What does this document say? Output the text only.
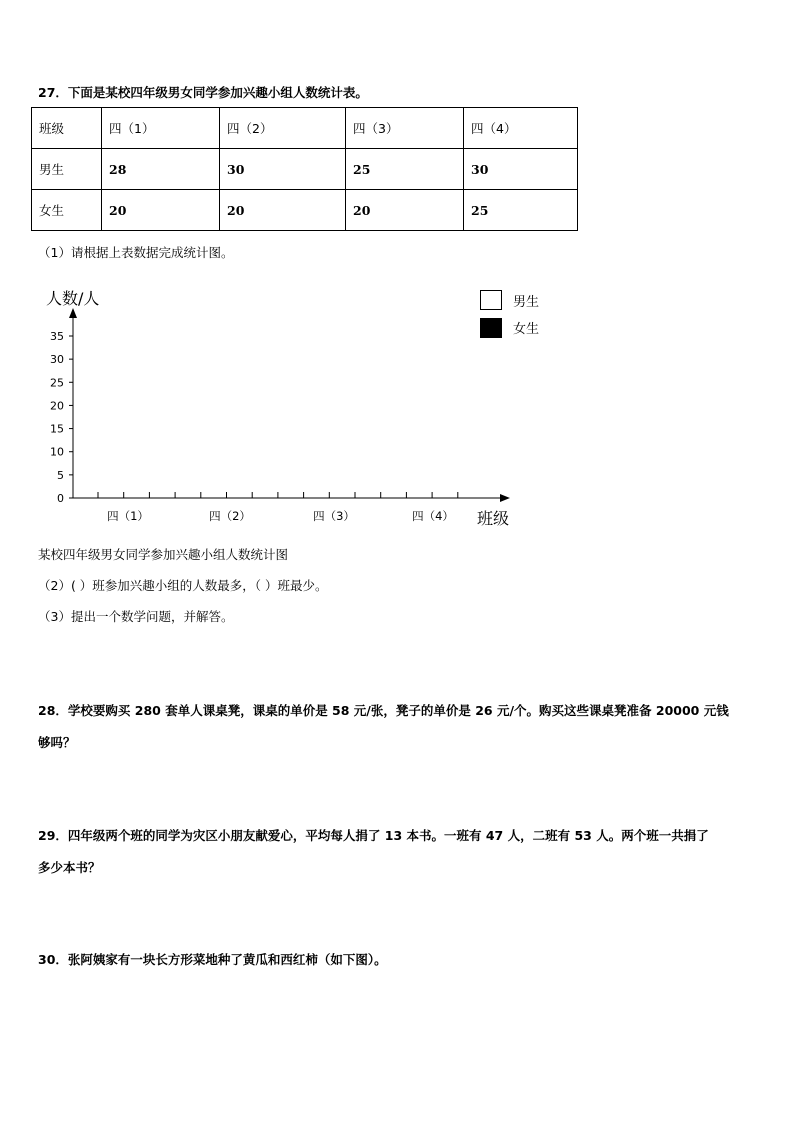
27．下面是某校四年级男女同学参加兴趣小组人数统计表。
班级	四（1）	四（2）	四（3）	四（4）
男生	28	30	25	30
女生	20	20	20	25
（1）请根据上表数据完成统计图。
人数/人
0
5
10
15
20
25
30
35
四（1）	四（2）	四（3）	四（4） 班级
男生
女生
某校四年级男女同学参加兴趣小组人数统计图
（2）( ）班参加兴趣小组的人数最多，（ ）班最少。
（3）提出一个数学问题，并解答。
28．学校要购买 280 套单人课桌凳，课桌的单价是 58 元/张，凳子的单价是 26 元/个。购买这些课桌凳准备 20000 元钱
够吗？
29．四年级两个班的同学为灾区小朋友献爱心，平均每人捐了 13 本书。一班有 47 人，二班有 53 人。两个班一共捐了
多少本书？
30．张阿姨家有一块长方形菜地种了黄瓜和西红柿（如下图）。
